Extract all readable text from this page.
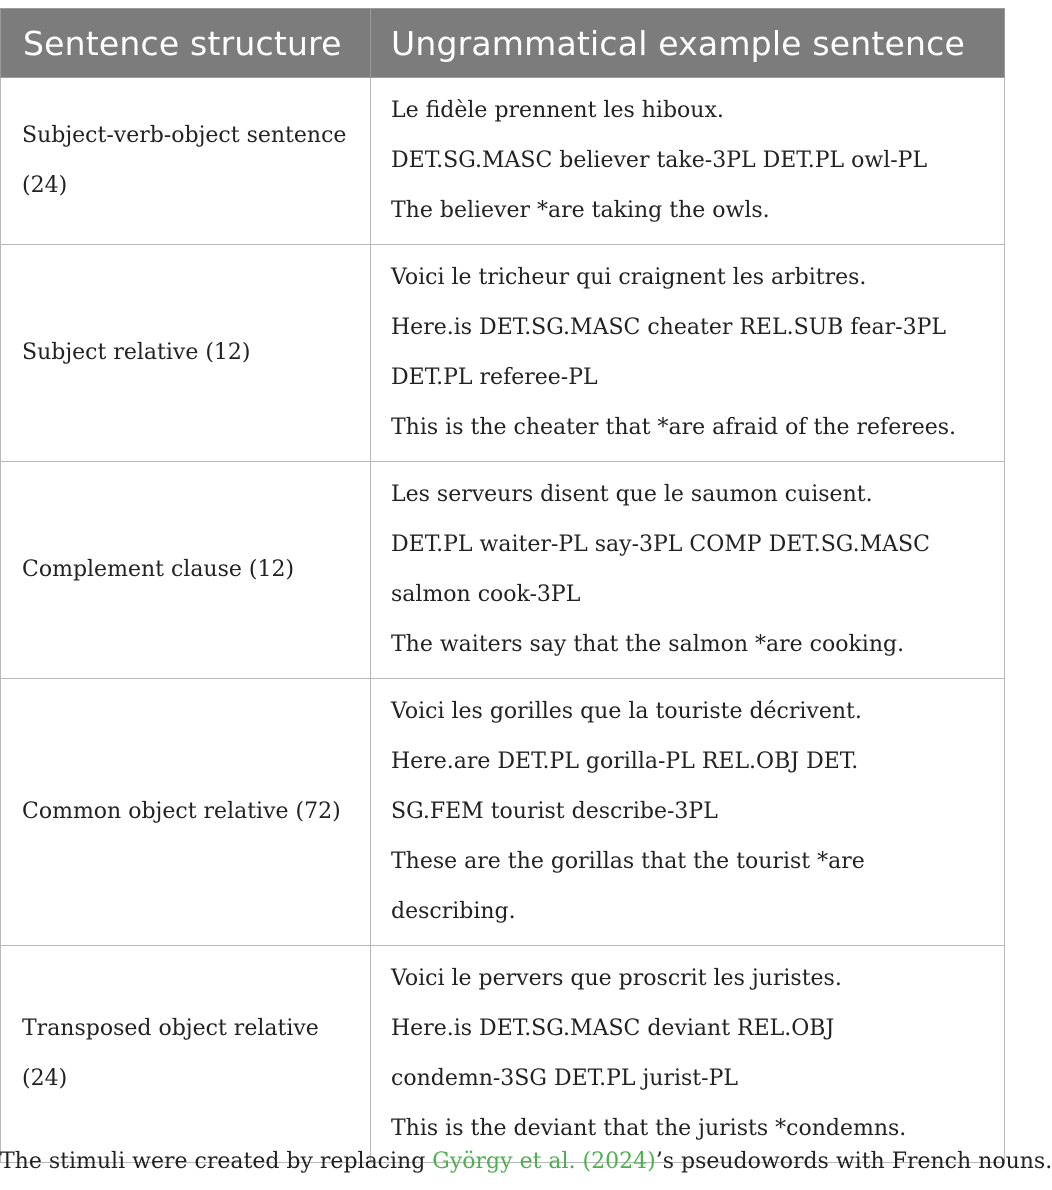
Sentence structure	Ungrammatical example sentence
Subject-verb-object sentence (24)	Le fidèle prennent les hiboux.
DET.SG.MASC believer take-3PL DET.PL owl-PL
The believer *are taking the owls.

Subject relative (12)	Voici le tricheur qui craignent les arbitres.
Here.is DET.SG.MASC cheater REL.SUB fear-3PL
DET.PL referee-PL
This is the cheater that *are afraid of the referees.

Complement clause (12)	Les serveurs disent que le saumon cuisent.
DET.PL waiter-PL say-3PL COMP DET.SG.MASC
salmon cook-3PL
The waiters say that the salmon *are cooking.

Common object relative (72)	Voici les gorilles que la touriste décrivent.
Here.are DET.PL gorilla-PL REL.OBJ DET.
SG.FEM tourist describe-3PL
These are the gorillas that the tourist *are
describing.

Transposed object relative (24)	Voici le pervers que proscrit les juristes.
Here.is DET.SG.MASC deviant REL.OBJ
condemn-3SG DET.PL jurist-PL
This is the deviant that the jurists *condemns.
The stimuli were created by replacing György et al. (2024)’s pseudowords with French nouns.
